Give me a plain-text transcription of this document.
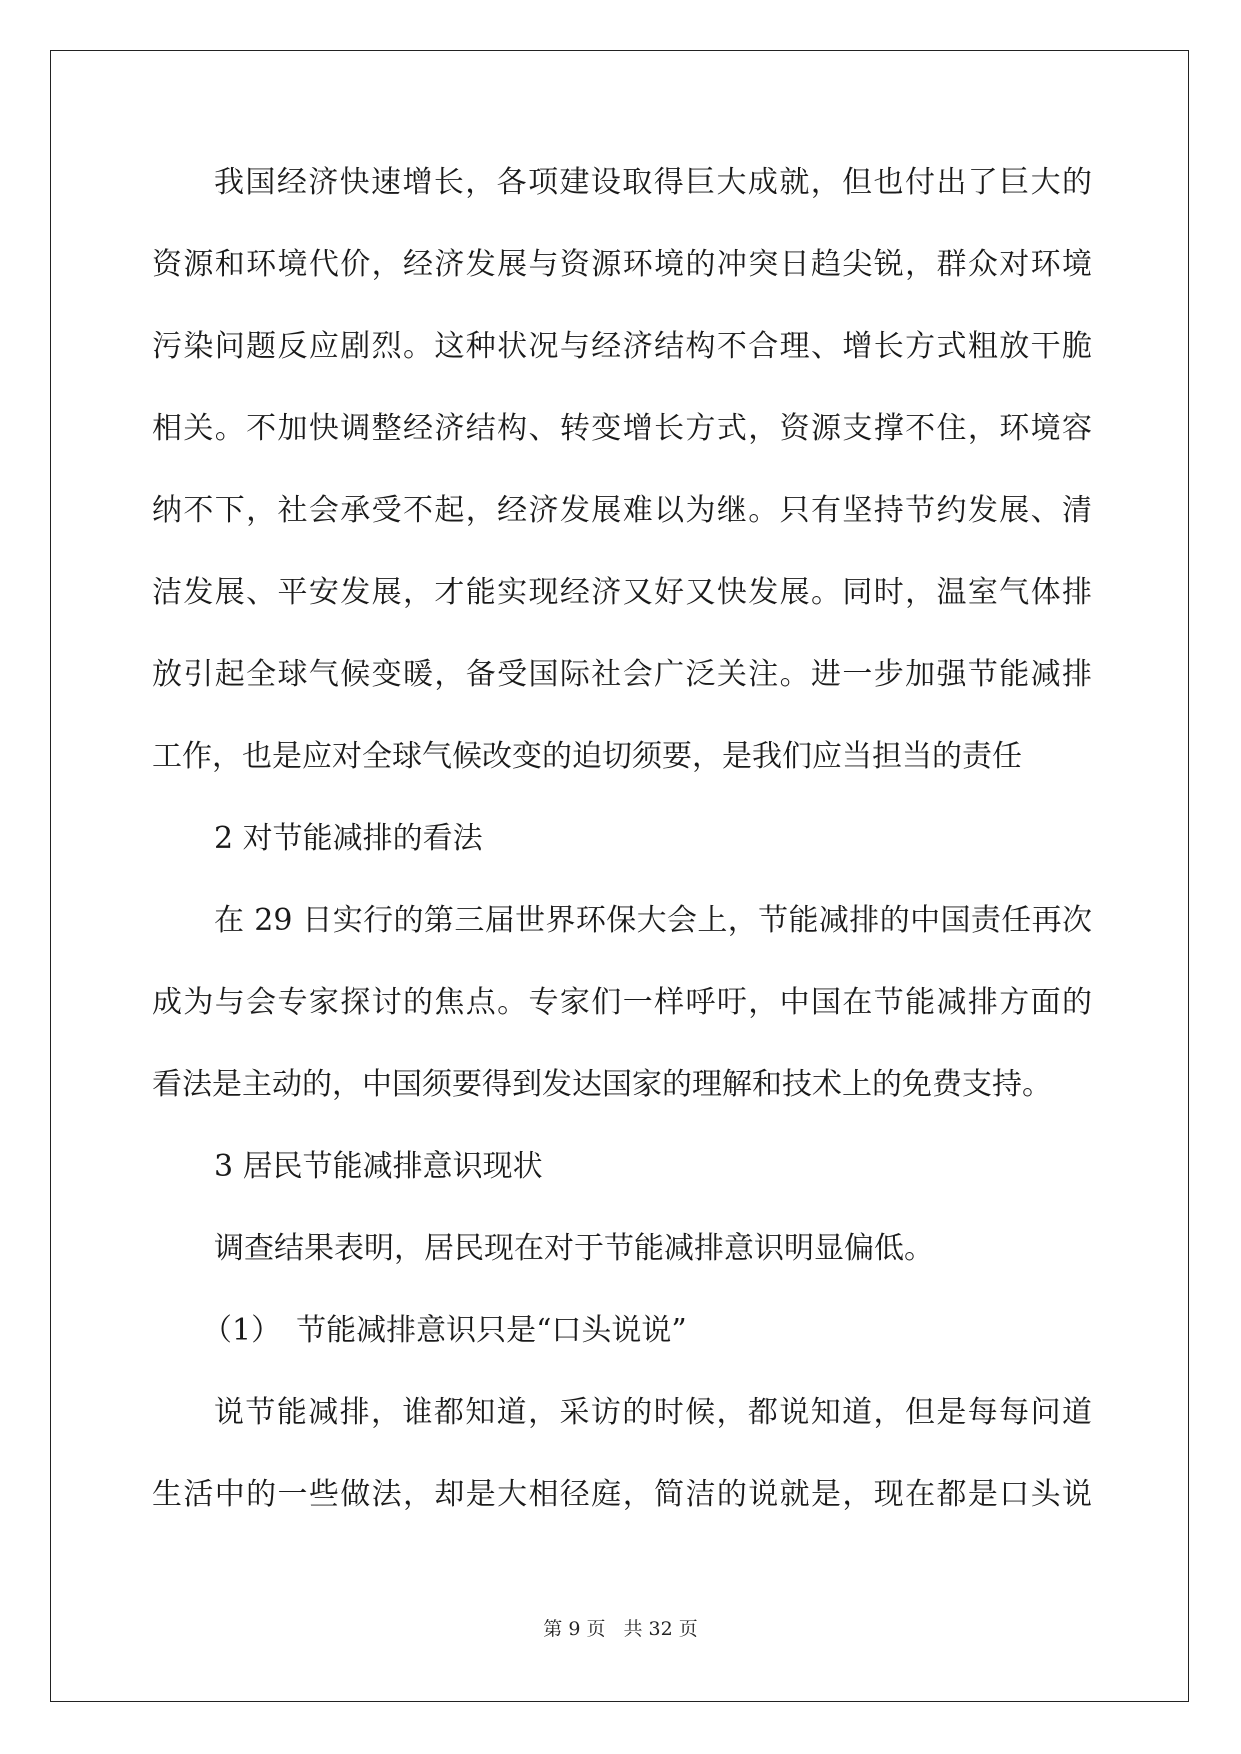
我国经济快速增长，各项建设取得巨大成就，但也付出了巨大的
资源和环境代价，经济发展与资源环境的冲突日趋尖锐，群众对环境
污染问题反应剧烈。这种状况与经济结构不合理、增长方式粗放干脆
相关。不加快调整经济结构、转变增长方式，资源支撑不住，环境容
纳不下，社会承受不起，经济发展难以为继。只有坚持节约发展、清
洁发展、平安发展，才能实现经济又好又快发展。同时，温室气体排
放引起全球气候变暖，备受国际社会广泛关注。进一步加强节能减排
工作，也是应对全球气候改变的迫切须要，是我们应当担当的责任
2 对节能减排的看法
在 29 日实行的第三届世界环保大会上，节能减排的中国责任再次
成为与会专家探讨的焦点。专家们一样呼吁，中国在节能减排方面的
看法是主动的，中国须要得到发达国家的理解和技术上的免费支持。
3 居民节能减排意识现状
调查结果表明，居民现在对于节能减排意识明显偏低。
（1）　节能减排意识只是“口头说说”
说节能减排，谁都知道，采访的时候，都说知道，但是每每问道
生活中的一些做法，却是大相径庭，简洁的说就是，现在都是口头说
第 9 页 共 32 页
